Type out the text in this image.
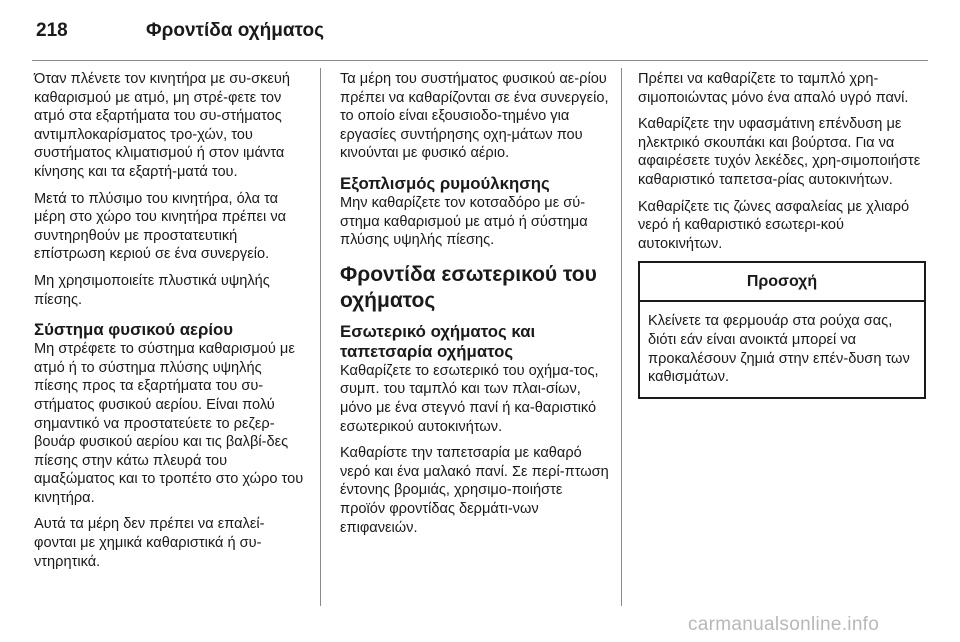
218	Φροντίδα οχήματος

Όταν πλένετε τον κινητήρα με συ-σκευή καθαρισμού με ατμό, μη στρέ-φετε τον ατμό στα εξαρτήματα του συ-στήματος αντιμπλοκαρίσματος τρο-χών, του συστήματος κλιματισμού ή στον ιμάντα κίνησης και τα εξαρτή-ματά του.

Μετά το πλύσιμο του κινητήρα, όλα τα μέρη στο χώρο του κινητήρα πρέπει να συντηρηθούν με προστατευτική επίστρωση κεριού σε ένα συνεργείο.

Μη χρησιμοποιείτε πλυστικά υψηλής πίεσης.

Σύστημα φυσικού αερίου

Μη στρέφετε το σύστημα καθαρισμού με ατμό ή το σύστημα πλύσης υψηλής πίεσης προς τα εξαρτήματα του συ-στήματος φυσικού αερίου. Είναι πολύ σημαντικό να προστατεύετε το ρεζερ-βουάρ φυσικού αερίου και τις βαλβί-δες πίεσης στην κάτω πλευρά του αμαξώματος και το τροπέτο στο χώρο του κινητήρα.

Αυτά τα μέρη δεν πρέπει να επαλεί-φονται με χημικά καθαριστικά ή συ-ντηρητικά.

Τα μέρη του συστήματος φυσικού αε-ρίου πρέπει να καθαρίζονται σε ένα συνεργείο, το οποίο είναι εξουσιοδο-τημένο για εργασίες συντήρησης οχη-μάτων που κινούνται με φυσικό αέριο.

Εξοπλισμός ρυμούλκησης

Μην καθαρίζετε τον κοτσαδόρο με σύ-στημα καθαρισμού με ατμό ή σύστημα πλύσης υψηλής πίεσης.

Φροντίδα εσωτερικού του οχήματος
Εσωτερικό οχήματος και ταπετσαρία οχήματος

Καθαρίζετε το εσωτερικό του οχήμα-τος, συμπ. του ταμπλό και των πλαι-σίων, μόνο με ένα στεγνό πανί ή κα-θαριστικό εσωτερικού αυτοκινήτων.

Καθαρίστε την ταπετσαρία με καθαρό νερό και ένα μαλακό πανί. Σε περί-πτωση έντονης βρομιάς, χρησιμο-ποιήστε προϊόν φροντίδας δερμάτι-νων επιφανειών.

Πρέπει να καθαρίζετε το ταμπλό χρη-σιμοποιώντας μόνο ένα απαλό υγρό πανί.

Καθαρίζετε την υφασμάτινη επένδυση με ηλεκτρικό σκουπάκι και βούρτσα. Για να αφαιρέσετε τυχόν λεκέδες, χρη-σιμοποιήστε καθαριστικό ταπετσα-ρίας αυτοκινήτων.

Καθαρίζετε τις ζώνες ασφαλείας με χλιαρό νερό ή καθαριστικό εσωτερι-κού αυτοκινήτων.

Προσοχή
Κλείνετε τα φερμουάρ στα ρούχα σας, διότι εάν είναι ανοικτά μπορεί να προκαλέσουν ζημιά στην επέν-δυση των καθισμάτων.
carmanualsonline.info
